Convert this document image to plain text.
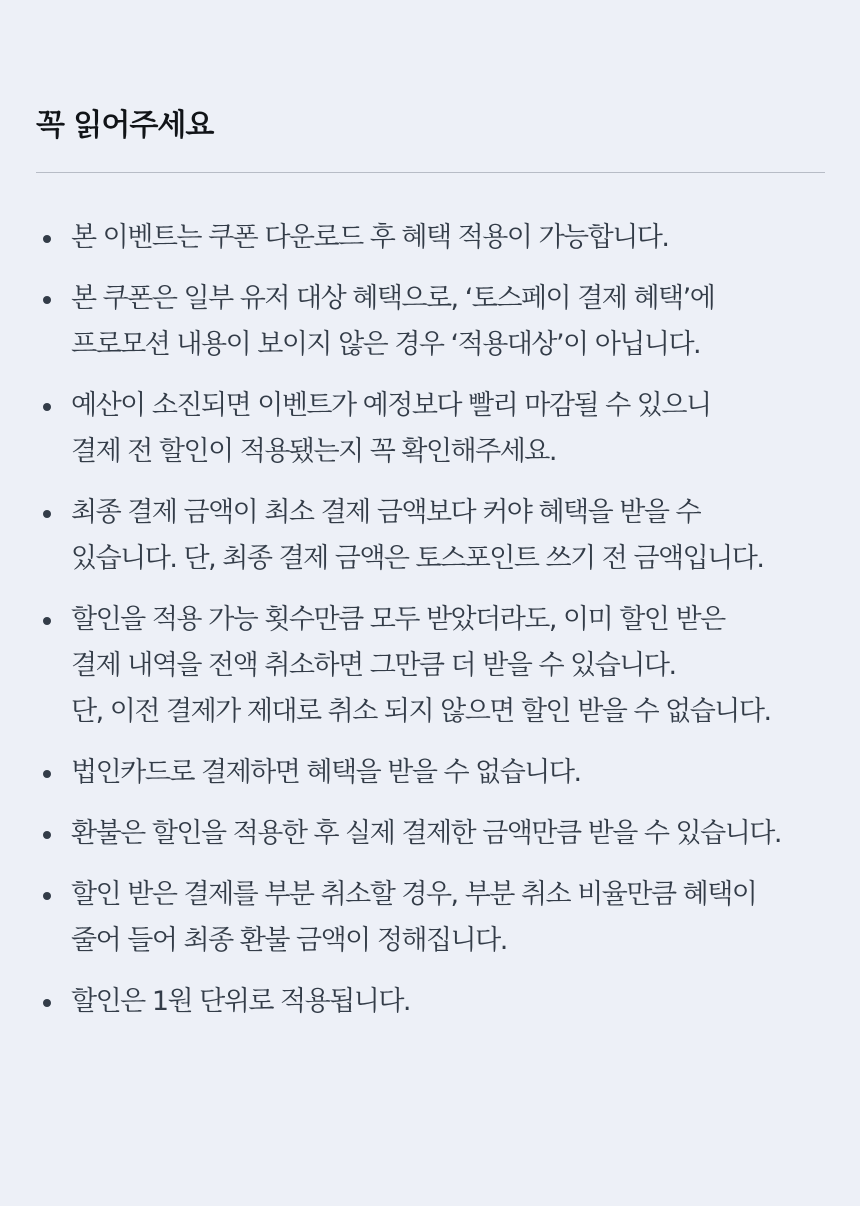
꼭 읽어주세요
본 이벤트는 쿠폰 다운로드 후 혜택 적용이 가능합니다.
본 쿠폰은 일부 유저 대상 혜택으로, ‘토스페이 결제 혜택’에
프로모션 내용이 보이지 않은 경우 ‘적용대상’이 아닙니다.
예산이 소진되면 이벤트가 예정보다 빨리 마감될 수 있으니
결제 전 할인이 적용됐는지 꼭 확인해주세요.
최종 결제 금액이 최소 결제 금액보다 커야 혜택을 받을 수
있습니다. 단, 최종 결제 금액은 토스포인트 쓰기 전 금액입니다.
할인을 적용 가능 횟수만큼 모두 받았더라도, 이미 할인 받은
결제 내역을 전액 취소하면 그만큼 더 받을 수 있습니다.
단, 이전 결제가 제대로 취소 되지 않으면 할인 받을 수 없습니다.
법인카드로 결제하면 혜택을 받을 수 없습니다.
환불은 할인을 적용한 후 실제 결제한 금액만큼 받을 수 있습니다.
할인 받은 결제를 부분 취소할 경우, 부분 취소 비율만큼 혜택이
줄어 들어 최종 환불 금액이 정해집니다.
할인은 1원 단위로 적용됩니다.
